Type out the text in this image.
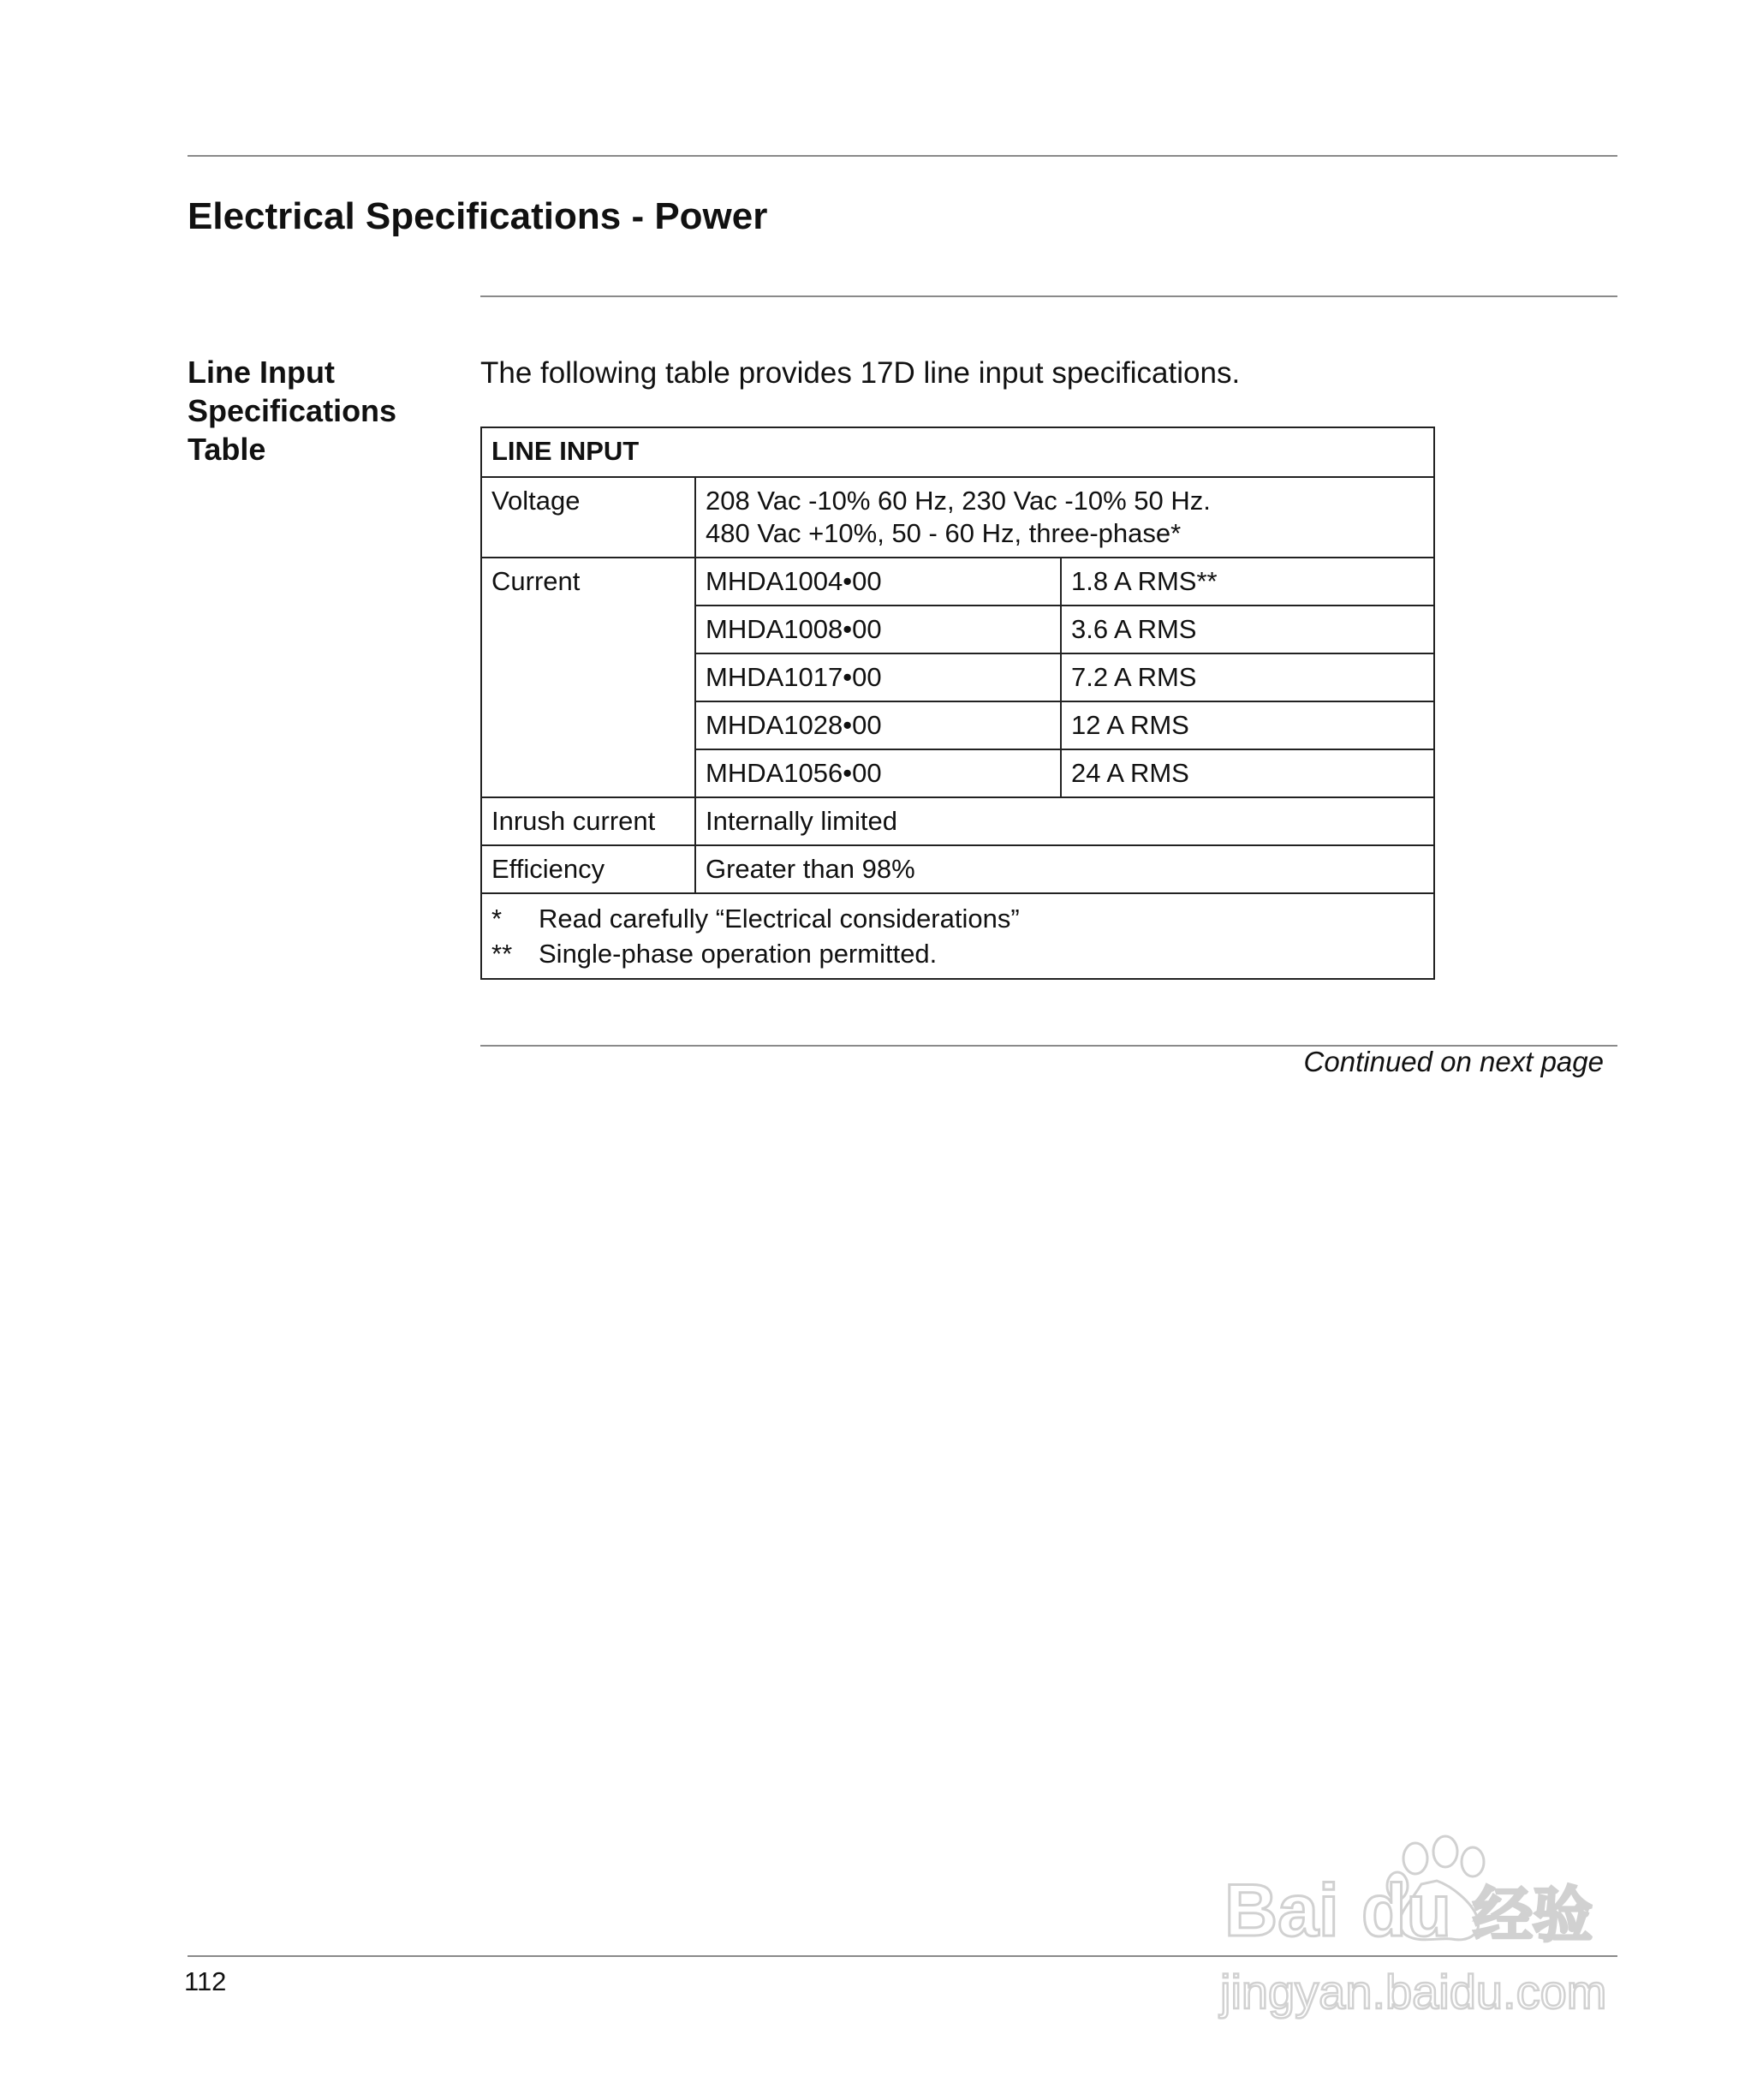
Electrical Specifications - Power
Line Input
Specifications
Table

The following table provides 17D line input specifications.

LINE INPUT		
Voltage	208 Vac -10% 60 Hz, 230 Vac -10% 50 Hz.
480 Vac +10%, 50 - 60 Hz, three-phase*	

Current	MHDA1004•00	1.8 A RMS**
	MHDA1008•00	3.6 A RMS
	MHDA1017•00	7.2 A RMS
	MHDA1028•00	12 A RMS
	MHDA1056•00	24 A RMS
Inrush current	Internally limited	
Efficiency	Greater than 98%	

* Read carefully “Electrical considerations”
** Single-phase operation permitted.		
Continued on next page
112
Bai du 经验
jingyan.baidu.com
